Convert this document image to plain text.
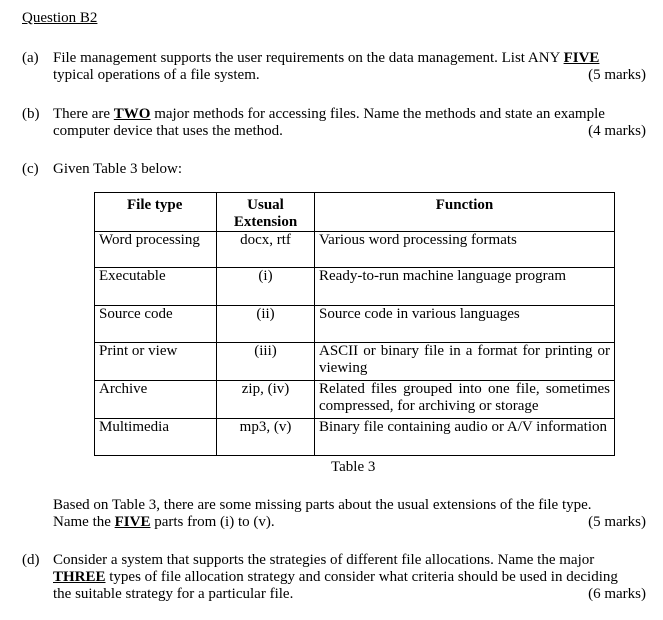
Question B2
(a) File management supports the user requirements on the data management. List ANY FIVE
typical operations of a file system.	(5 marks)
(b) There are TWO major methods for accessing files. Name the methods and state an example
computer device that uses the method.	(4 marks)
(c) Given Table 3 below:
File type	Usual Extension	Function
Word processing	docx, rtf	Various word processing formats
Executable	(i)	Ready-to-run machine language program
Source code	(ii)	Source code in various languages
Print or view	(iii)	ASCII or binary file in a format for printing or viewing
Archive	zip, (iv)	Related files grouped into one file, sometimes compressed, for archiving or storage
Multimedia	mp3, (v)	Binary file containing audio or A/V information
Table 3
Based on Table 3, there are some missing parts about the usual extensions of the file type.
Name the FIVE parts from (i) to (v).	(5 marks)
(d) Consider a system that supports the strategies of different file allocations. Name the major
THREE types of file allocation strategy and consider what criteria should be used in deciding
the suitable strategy for a particular file.	(6 marks)
